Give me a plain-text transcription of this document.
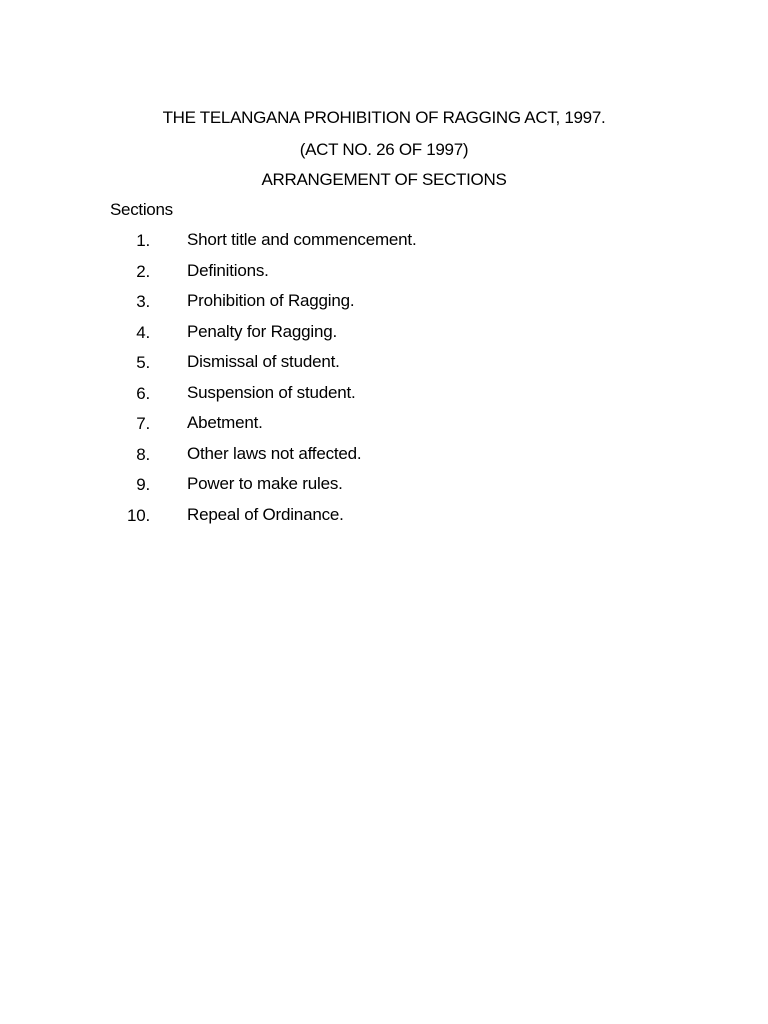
THE TELANGANA PROHIBITION OF RAGGING ACT, 1997.
(ACT NO. 26 OF 1997)
ARRANGEMENT OF SECTIONS
Sections
1. Short title and commencement.
2. Definitions.
3. Prohibition of Ragging.
4. Penalty for Ragging.
5. Dismissal of student.
6. Suspension of student.
7. Abetment.
8. Other laws not affected.
9. Power to make rules.
10. Repeal of Ordinance.
